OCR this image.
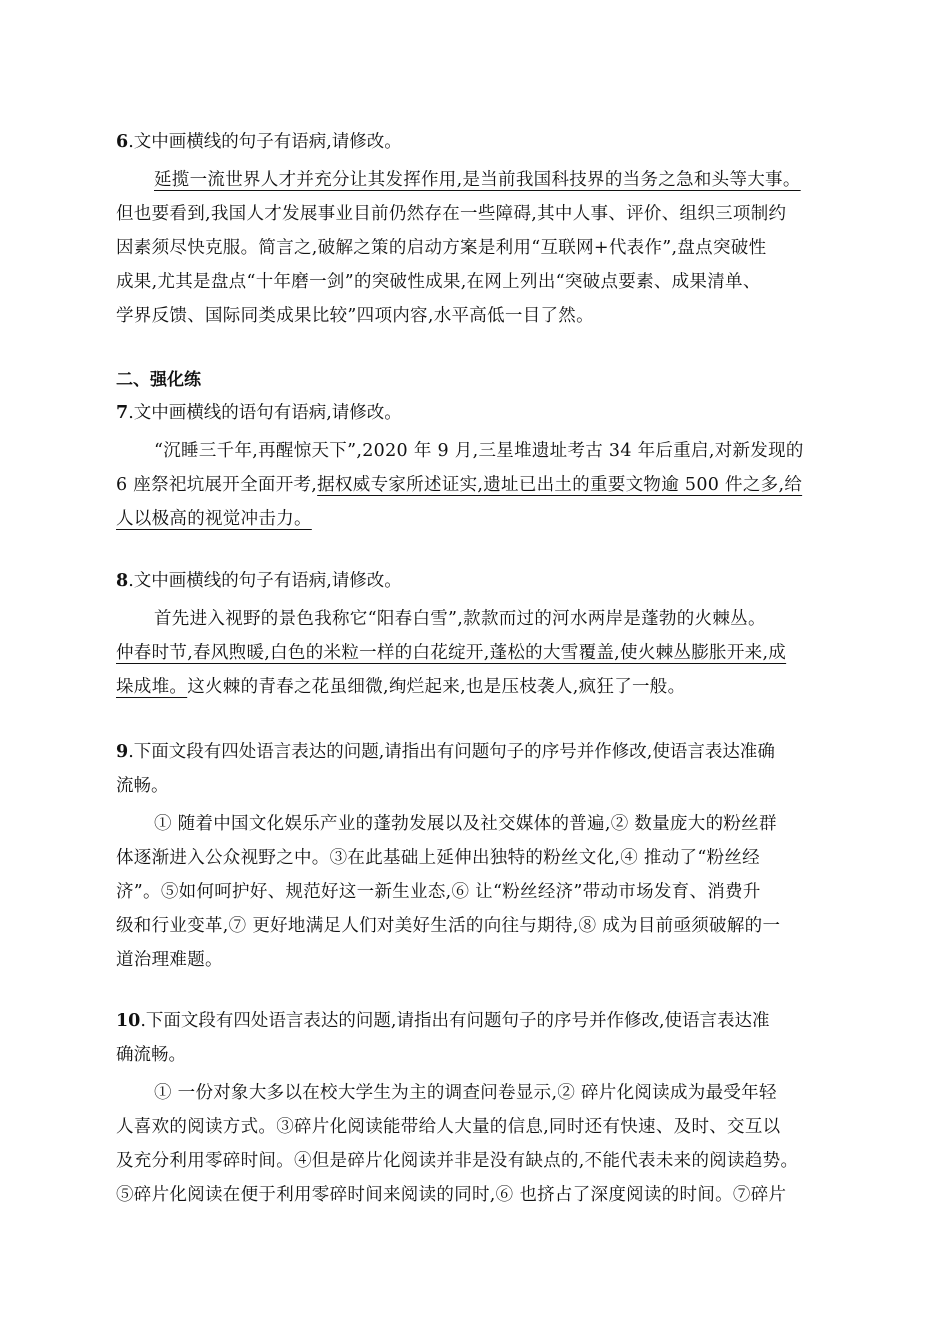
6.文中画横线的句子有语病,请修改。
延揽一流世界人才并充分让其发挥作用,是当前我国科技界的当务之急和头等大事。
但也要看到,我国人才发展事业目前仍然存在一些障碍,其中人事、评价、组织三项制约
因素须尽快克服。简言之,破解之策的启动方案是利用“互联网+代表作”,盘点突破性
成果,尤其是盘点“十年磨一剑”的突破性成果,在网上列出“突破点要素、成果清单、
学界反馈、国际同类成果比较”四项内容,水平高低一目了然。
二、强化练
7.文中画横线的语句有语病,请修改。
“沉睡三千年,再醒惊天下”,2020 年 9 月,三星堆遗址考古 34 年后重启,对新发现的
6 座祭祀坑展开全面开考,据权威专家所述证实,遗址已出土的重要文物逾 500 件之多,给
人以极高的视觉冲击力。
8.文中画横线的句子有语病,请修改。
首先进入视野的景色我称它“阳春白雪”,款款而过的河水两岸是蓬勃的火棘丛。
仲春时节,春风煦暖,白色的米粒一样的白花绽开,蓬松的大雪覆盖,使火棘丛膨胀开来,成
垛成堆。这火棘的青春之花虽细微,绚烂起来,也是压枝袭人,疯狂了一般。
9.下面文段有四处语言表达的问题,请指出有问题句子的序号并作修改,使语言表达准确
流畅。
① 随着中国文化娱乐产业的蓬勃发展以及社交媒体的普遍,② 数量庞大的粉丝群
体逐渐进入公众视野之中。③在此基础上延伸出独特的粉丝文化,④ 推动了“粉丝经
济”。⑤如何呵护好、规范好这一新生业态,⑥ 让“粉丝经济”带动市场发育、消费升
级和行业变革,⑦ 更好地满足人们对美好生活的向往与期待,⑧ 成为目前亟须破解的一
道治理难题。
10.下面文段有四处语言表达的问题,请指出有问题句子的序号并作修改,使语言表达准
确流畅。
① 一份对象大多以在校大学生为主的调查问卷显示,② 碎片化阅读成为最受年轻
人喜欢的阅读方式。③碎片化阅读能带给人大量的信息,同时还有快速、及时、交互以
及充分利用零碎时间。④但是碎片化阅读并非是没有缺点的,不能代表未来的阅读趋势。
⑤碎片化阅读在便于利用零碎时间来阅读的同时,⑥ 也挤占了深度阅读的时间。⑦碎片
